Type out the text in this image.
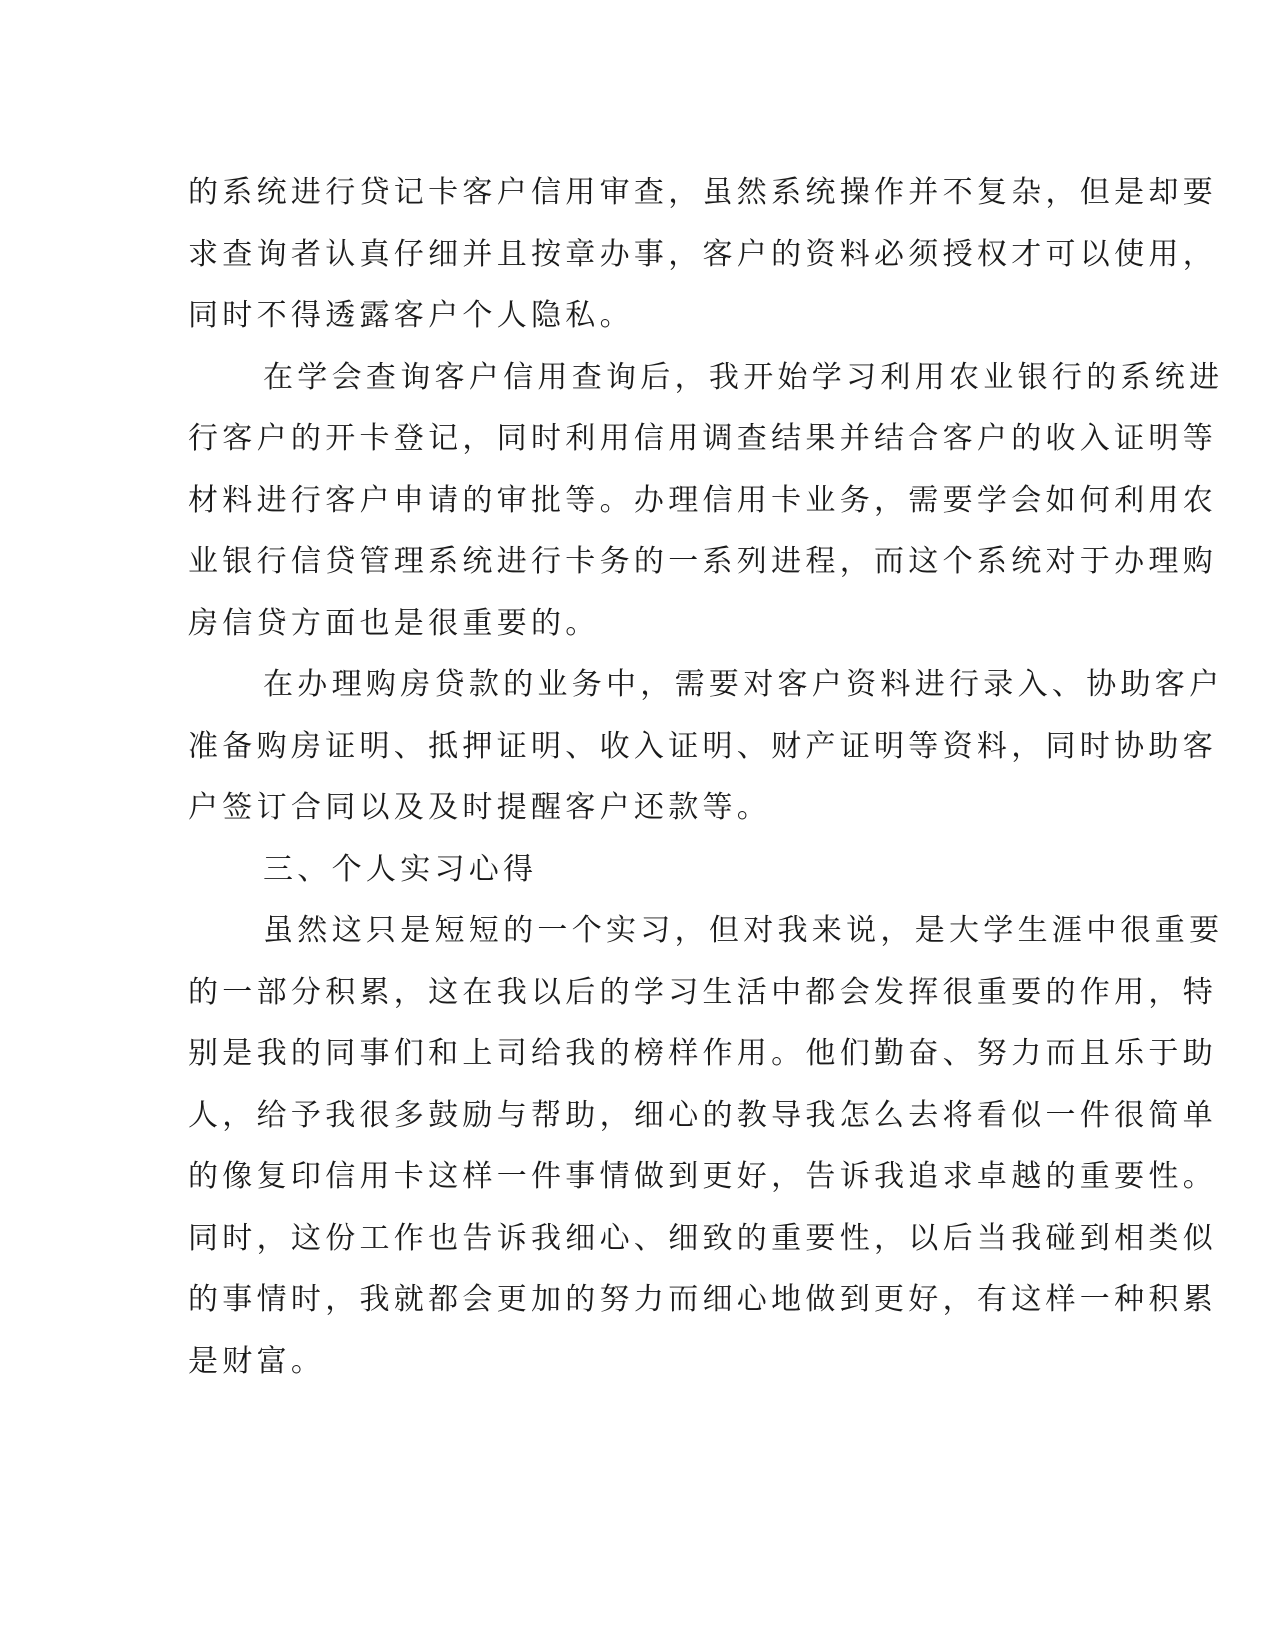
的系统进行贷记卡客户信用审查，虽然系统操作并不复杂，但是却要
求查询者认真仔细并且按章办事，客户的资料必须授权才可以使用，
同时不得透露客户个人隐私。
在学会查询客户信用查询后，我开始学习利用农业银行的系统进
行客户的开卡登记，同时利用信用调查结果并结合客户的收入证明等
材料进行客户申请的审批等。办理信用卡业务，需要学会如何利用农
业银行信贷管理系统进行卡务的一系列进程，而这个系统对于办理购
房信贷方面也是很重要的。
在办理购房贷款的业务中，需要对客户资料进行录入、协助客户
准备购房证明、抵押证明、收入证明、财产证明等资料，同时协助客
户签订合同以及及时提醒客户还款等。
三、个人实习心得
虽然这只是短短的一个实习，但对我来说，是大学生涯中很重要
的一部分积累，这在我以后的学习生活中都会发挥很重要的作用，特
别是我的同事们和上司给我的榜样作用。他们勤奋、努力而且乐于助
人，给予我很多鼓励与帮助，细心的教导我怎么去将看似一件很简单
的像复印信用卡这样一件事情做到更好，告诉我追求卓越的重要性。
同时，这份工作也告诉我细心、细致的重要性，以后当我碰到相类似
的事情时，我就都会更加的努力而细心地做到更好，有这样一种积累
是财富。
